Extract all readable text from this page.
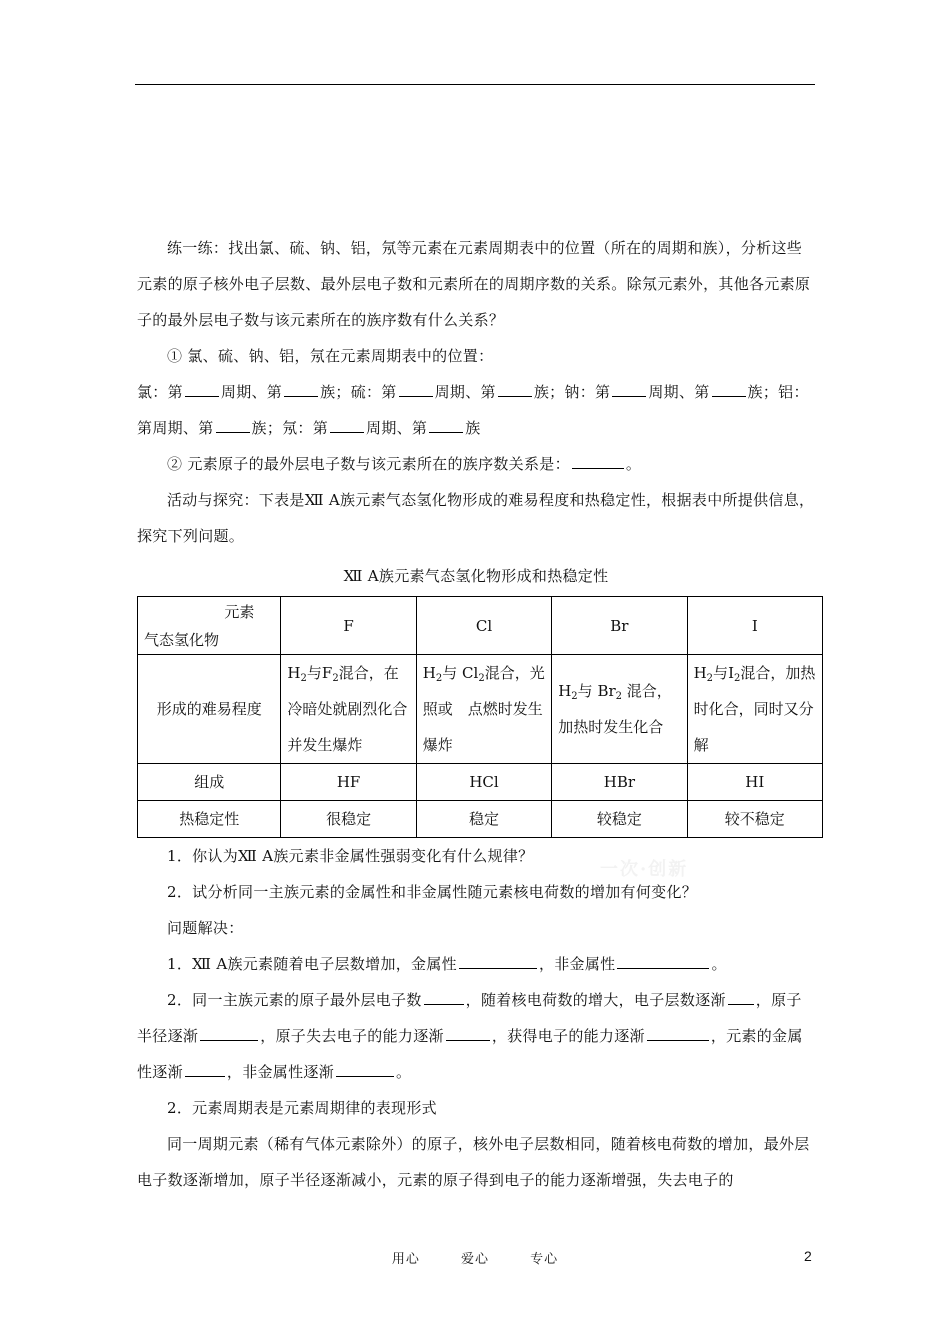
练一练：找出氯、硫、钠、铝，氖等元素在元素周期表中的位置（所在的周期和族），分析这些元素的原子核外电子层数、最外层电子数和元素所在的周期序数的关系。除氖元素外，其他各元素原子的最外层电子数与该元素所在的族序数有什么关系？

① 氯、硫、钠、铝，氖在元素周期表中的位置：

氯：第	周期、第	族；硫：第	周期、第	族；钠：第	周期、第	族；铝：第周期、第	族；氖：第	周期、第	族

② 元素原子的最外层电子数与该元素所在的族序数关系是：	。

活动与探究：下表是Ⅻ A族元素气态氢化物形成的难易程度和热稳定性，根据表中所提供信息，探究下列问题。

Ⅻ A族元素气态氢化物形成和热稳定性
元素
气态氢化物	F	Cl	Br	I
形成的难易程度	$H_2$与$F_2$混合，在冷暗处就剧烈化合并发生爆炸	$H_2$与 $Cl_2$混合，光照或　点燃时发生爆炸	$H_2$与 $Br_2$ 混合，加热时发生化合	$H_2$与$I_2$混合，加热时化合，同时又分解
组成	HF	HCl	HBr	HI
热稳定性	很稳定	稳定	较稳定	较不稳定

1．你认为Ⅻ A族元素非金属性强弱变化有什么规律？

2．试分析同一主族元素的金属性和非金属性随元素核电荷数的增加有何变化？

问题解决：

1．Ⅻ A族元素随着电子层数增加，金属性	，非金属性	。

2．同一主族元素的原子最外层电子数	，随着核电荷数的增大，电子层数逐渐 ，原子半径逐渐	，原子失去电子的能力逐渐	，获得电子的能力逐渐	，元素的金属性逐渐	，非金属性逐渐	。

2．元素周期表是元素周期律的表现形式

同一周期元素（稀有气体元素除外）的原子，核外电子层数相同，随着核电荷数的增加，最外层电子数逐渐增加，原子半径逐渐减小，元素的原子得到电子的能力逐渐增强，失去电子的

一次·创新
用心	爱心	专心	2
